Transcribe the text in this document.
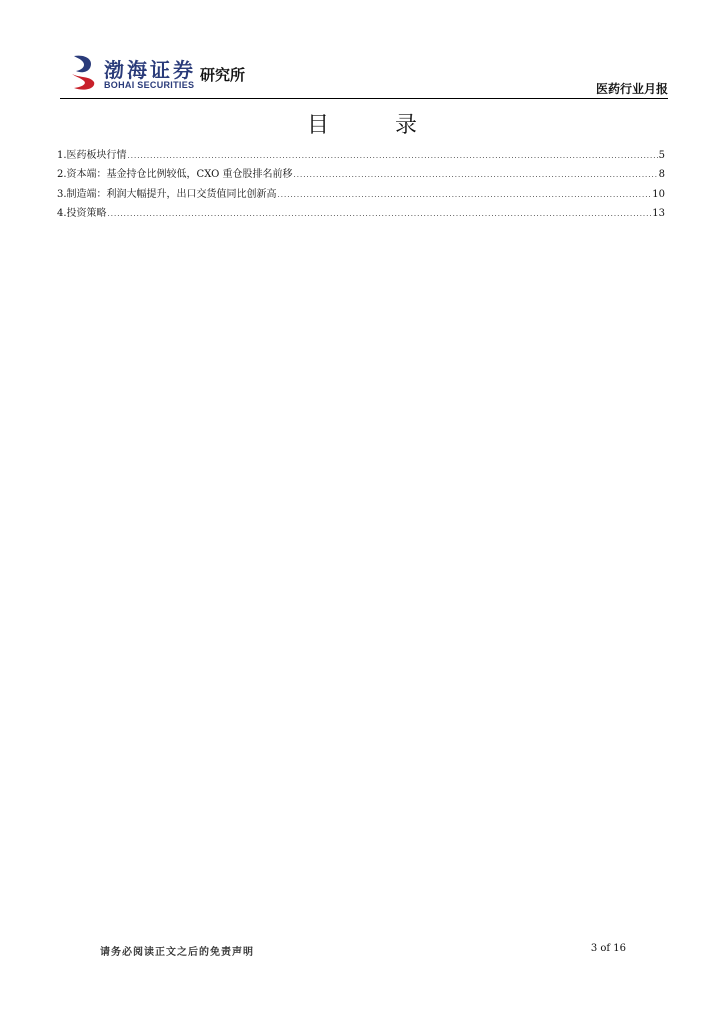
渤海证券
BOHAI SECURITIES
研究所
医药行业月报
目　录
1.医药板块行情 .....	5
2.资本端：基金持仓比例较低，CXO 重仓股排名前移 .....	8
3.制造端：利润大幅提升，出口交货值同比创新高 .....	10
4.投资策略 .....	13
请务必阅读正文之后的免责声明	3 of 16
